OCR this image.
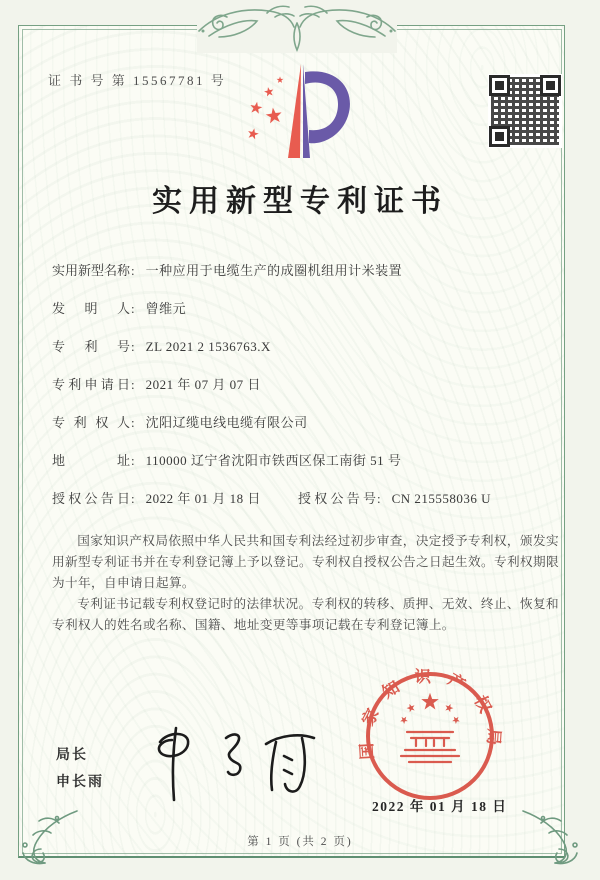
证 书 号 第 15567781 号
实用新型专利证书
实用新型名称: 一种应用于电缆生产的成圈机组用计米装置
发明人: 曾维元
专利号: ZL 2021 2 1536763.X
专利申请日: 2021 年 07 月 07 日
专利权人: 沈阳辽缆电线电缆有限公司
地址: 110000 辽宁省沈阳市铁西区保工南街 51 号
授权公告日: 2022 年 01 月 18 日	授权公告号: CN 215558036 U

国家知识产权局依照中华人民共和国专利法经过初步审查，决定授予专利权，颁发实用新型专利证书并在专利登记簿上予以登记。专利权自授权公告之日起生效。专利权期限为十年，自申请日起算。

专利证书记载专利权登记时的法律状况。专利权的转移、质押、无效、终止、恢复和专利权人的姓名或名称、国籍、地址变更等事项记载在专利登记簿上。

局长
申长雨
国家知识产权局
2022 年 01 月 18 日
第 1 页 (共 2 页)
